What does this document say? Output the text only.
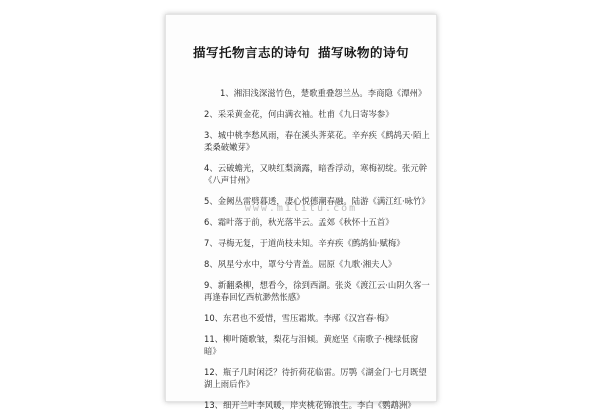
描写托物言志的诗句 描写咏物的诗句
www.militu.com
1、湘泪浅深滋竹色，楚歌重叠怨兰丛。李商隐《潭州》
2、采采黄金花，何由满衣袖。杜甫《九日寄岑参》
3、城中桃李愁风雨，春在溪头荠菜花。辛弃疾《鹧鸪天·陌上柔桑破嫩芽》
4、云破蟾光，又映红梨滴露，暗香浮动，寒梅初绽。张元幹《八声甘州》
5、金阙丛雷劈暮透，凄心悦德潮春融。陆游《满江红·咏竹》
6、霜叶落于前，秋光落半云。孟郊《秋怀十五首》
7、寻梅无复，于道尚枝未知。辛弃疾《鹧鸪仙·赋梅》
8、夙星兮水中，罩兮兮青盖。屈原《九歌·湘夫人》
9、新翻桑柳，想看今，徐到西湖。张炎《渡江云·山阴久客一再逢春回忆西杭渺然怅感》
10、东君也不爱惜，雪压霜欺。李邴《汉宫春·梅》
11、柳叶随歌皱，梨花与泪倾。黄庭坚《南歌子·槐绿低窗暗》
12、瓶子几时闲泛？待折荷花临雷。厉鹗《湖金门·七月既望湖上雨后作》
13、细开兰叶李风暖，岸夹桃花锦浪生。李白《鹦鹉洲》
